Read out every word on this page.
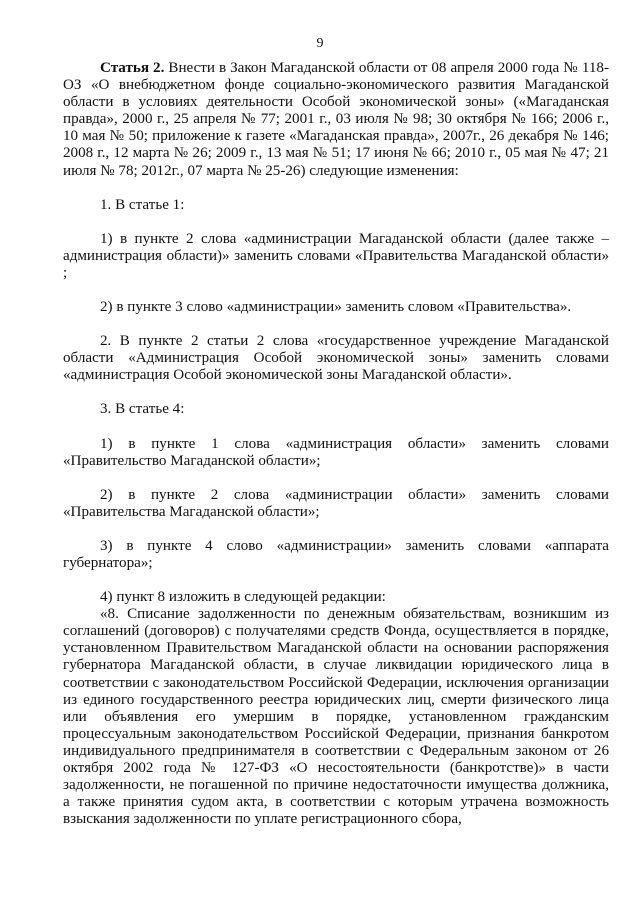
9

Статья 2. Внести в Закон Магаданской области от 08 апреля 2000 года № 118-ОЗ «О внебюджетном фонде социально-экономического развития Магаданской области в условиях деятельности Особой экономической зоны» («Магаданская правда», 2000 г., 25 апреля № 77; 2001 г., 03 июля № 98; 30 октября № 166; 2006 г., 10 мая № 50; приложение к газете «Магаданская правда», 2007г., 26 декабря № 146; 2008 г., 12 марта № 26; 2009 г., 13 мая № 51; 17 июня № 66; 2010 г., 05 мая № 47; 21 июля № 78; 2012г., 07 марта № 25-26) следующие изменения:

1. В статье 1:

1) в пункте 2 слова «администрации Магаданской области (далее также – администрация области)» заменить словами «Правительства Магаданской области» ;

2) в пункте 3 слово «администрации» заменить словом «Правительства».

2. В пункте 2 статьи 2 слова «государственное учреждение Магаданской области «Администрация Особой экономической зоны» заменить словами «администрация Особой экономической зоны Магаданской области».

3. В статье 4:

1) в пункте 1 слова «администрация области» заменить словами «Правительство Магаданской области»;

2) в пункте 2 слова «администрации области» заменить словами «Правительства Магаданской области»;

3) в пункте 4 слово «администрации» заменить словами «аппарата губернатора»;

4) пункт 8 изложить в следующей редакции:

«8. Списание задолженности по денежным обязательствам, возникшим из соглашений (договоров) с получателями средств Фонда, осуществляется в порядке, установленном Правительством Магаданской области на основании распоряжения губернатора Магаданской области, в случае ликвидации юридического лица в соответствии с законодательством Российской Федерации, исключения организации из единого государственного реестра юридических лиц, смерти физического лица или объявления его умершим в порядке, установленном гражданским процессуальным законодательством Российской Федерации, признания банкротом индивидуального предпринимателя в соответствии с Федеральным законом от 26 октября 2002 года № 127-ФЗ «О несостоятельности (банкротстве)» в части задолженности, не погашенной по причине недостаточности имущества должника, а также принятия судом акта, в соответствии с которым утрачена возможность взыскания задолженности по уплате регистрационного сбора,
